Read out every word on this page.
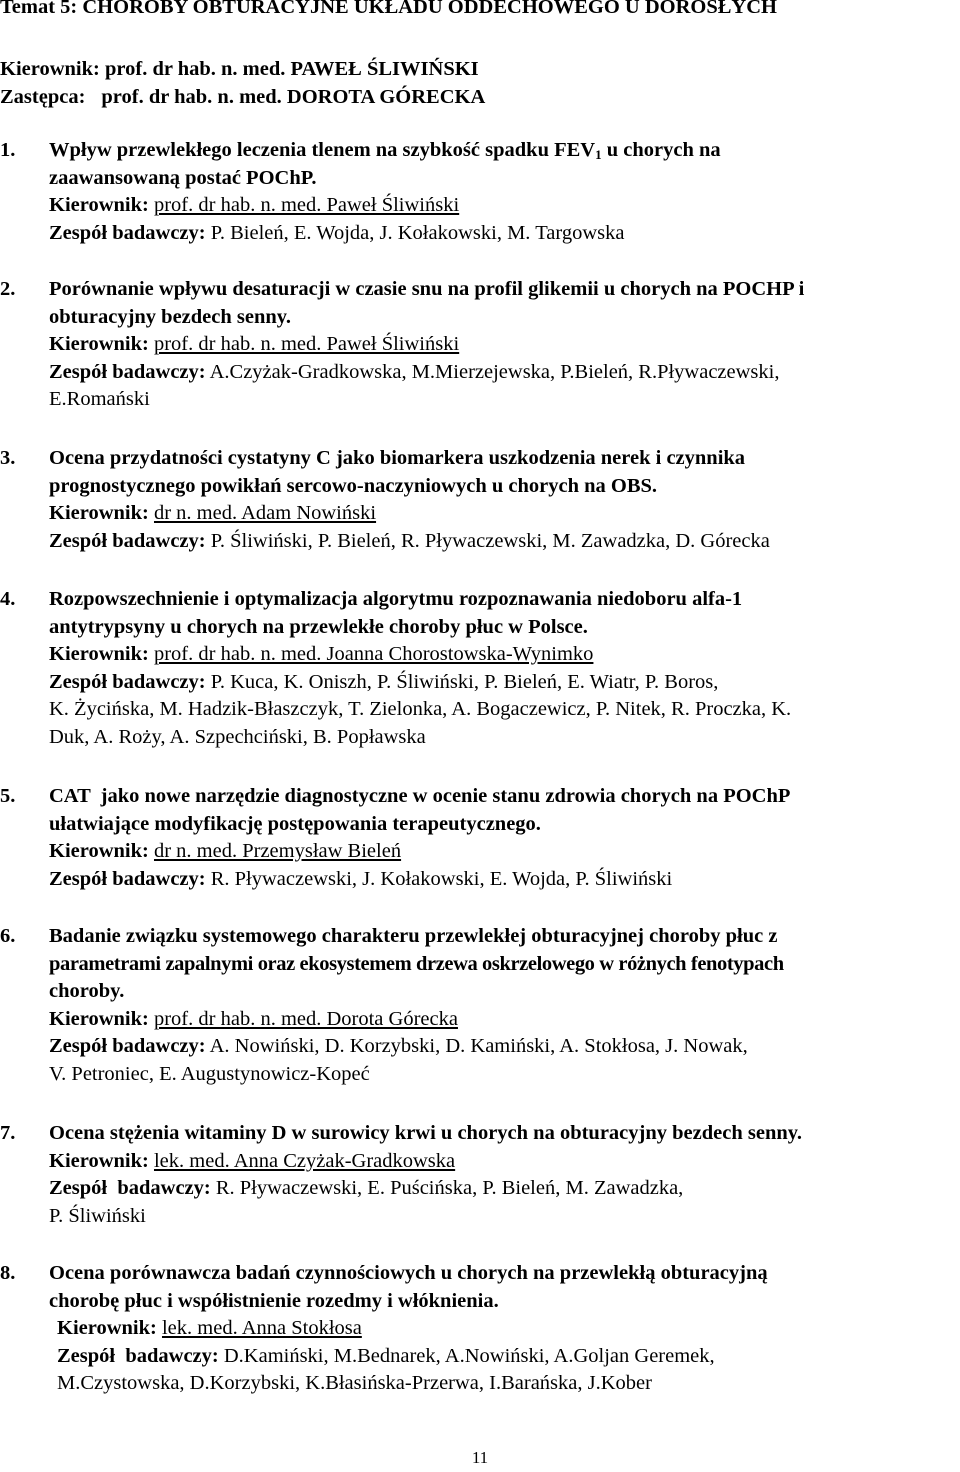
Temat 5: CHOROBY OBTURACYJNE UKŁADU ODDECHOWEGO U DOROSŁYCH
Kierownik: prof. dr hab. n. med. PAWEŁ ŚLIWIŃSKI
Zastępca: prof. dr hab. n. med. DOROTA GÓRECKA
1.	Wpływ przewlekłego leczenia tlenem na szybkość spadku $FEV_1$ u chorych na
zaawansowaną postać POChP.
Kierownik: prof. dr hab. n. med. Paweł Śliwiński
Zespół badawczy: P. Bieleń, E. Wojda, J. Kołakowski, M. Targowska
2.	Porównanie wpływu desaturacji w czasie snu na profil glikemii u chorych na POCHP i
obturacyjny bezdech senny.
Kierownik: prof. dr hab. n. med. Paweł Śliwiński
Zespół badawczy: A.Czyżak-Gradkowska, M.Mierzejewska, P.Bieleń, R.Pływaczewski,
E.Romański
3.	Ocena przydatności cystatyny C jako biomarkera uszkodzenia nerek i czynnika
prognostycznego powikłań sercowo-naczyniowych u chorych na OBS.
Kierownik: dr n. med. Adam Nowiński
Zespół badawczy: P. Śliwiński, P. Bieleń, R. Pływaczewski, M. Zawadzka, D. Górecka
4.	Rozpowszechnienie i optymalizacja algorytmu rozpoznawania niedoboru alfa-1
antytrypsyny u chorych na przewlekłe choroby płuc w Polsce.
Kierownik: prof. dr hab. n. med. Joanna Chorostowska-Wynimko
Zespół badawczy: P. Kuca, K. Oniszh, P. Śliwiński, P. Bieleń, E. Wiatr, P. Boros,
K. Życińska, M. Hadzik-Błaszczyk, T. Zielonka, A. Bogaczewicz, P. Nitek, R. Proczka, K.
Duk, A. Roży, A. Szpechciński, B. Popławska
5.	CAT  jako nowe narzędzie diagnostyczne w ocenie stanu zdrowia chorych na POChP
ułatwiające modyfikację postępowania terapeutycznego.
Kierownik: dr n. med. Przemysław Bieleń
Zespół badawczy: R. Pływaczewski, J. Kołakowski, E. Wojda, P. Śliwiński
6.	Badanie związku systemowego charakteru przewlekłej obturacyjnej choroby płuc z
parametrami zapalnymi oraz ekosystemem drzewa oskrzelowego w różnych fenotypach
choroby.
Kierownik: prof. dr hab. n. med. Dorota Górecka
Zespół badawczy: A. Nowiński, D. Korzybski, D. Kamiński, A. Stokłosa, J. Nowak,
V. Petroniec, E. Augustynowicz-Kopeć
7.	Ocena stężenia witaminy D w surowicy krwi u chorych na obturacyjny bezdech senny.
Kierownik: lek. med. Anna Czyżak-Gradkowska
Zespół  badawczy: R. Pływaczewski, E. Puścińska, P. Bieleń, M. Zawadzka,
P. Śliwiński
8.	Ocena porównawcza badań czynnościowych u chorych na przewlekłą obturacyjną
chorobę płuc i współistnienie rozedmy i włóknienia.
Kierownik: lek. med. Anna Stokłosa
Zespół  badawczy: D.Kamiński, M.Bednarek, A.Nowiński, A.Goljan Geremek,
M.Czystowska, D.Korzybski, K.Błasińska-Przerwa, I.Barańska, J.Kober
11
